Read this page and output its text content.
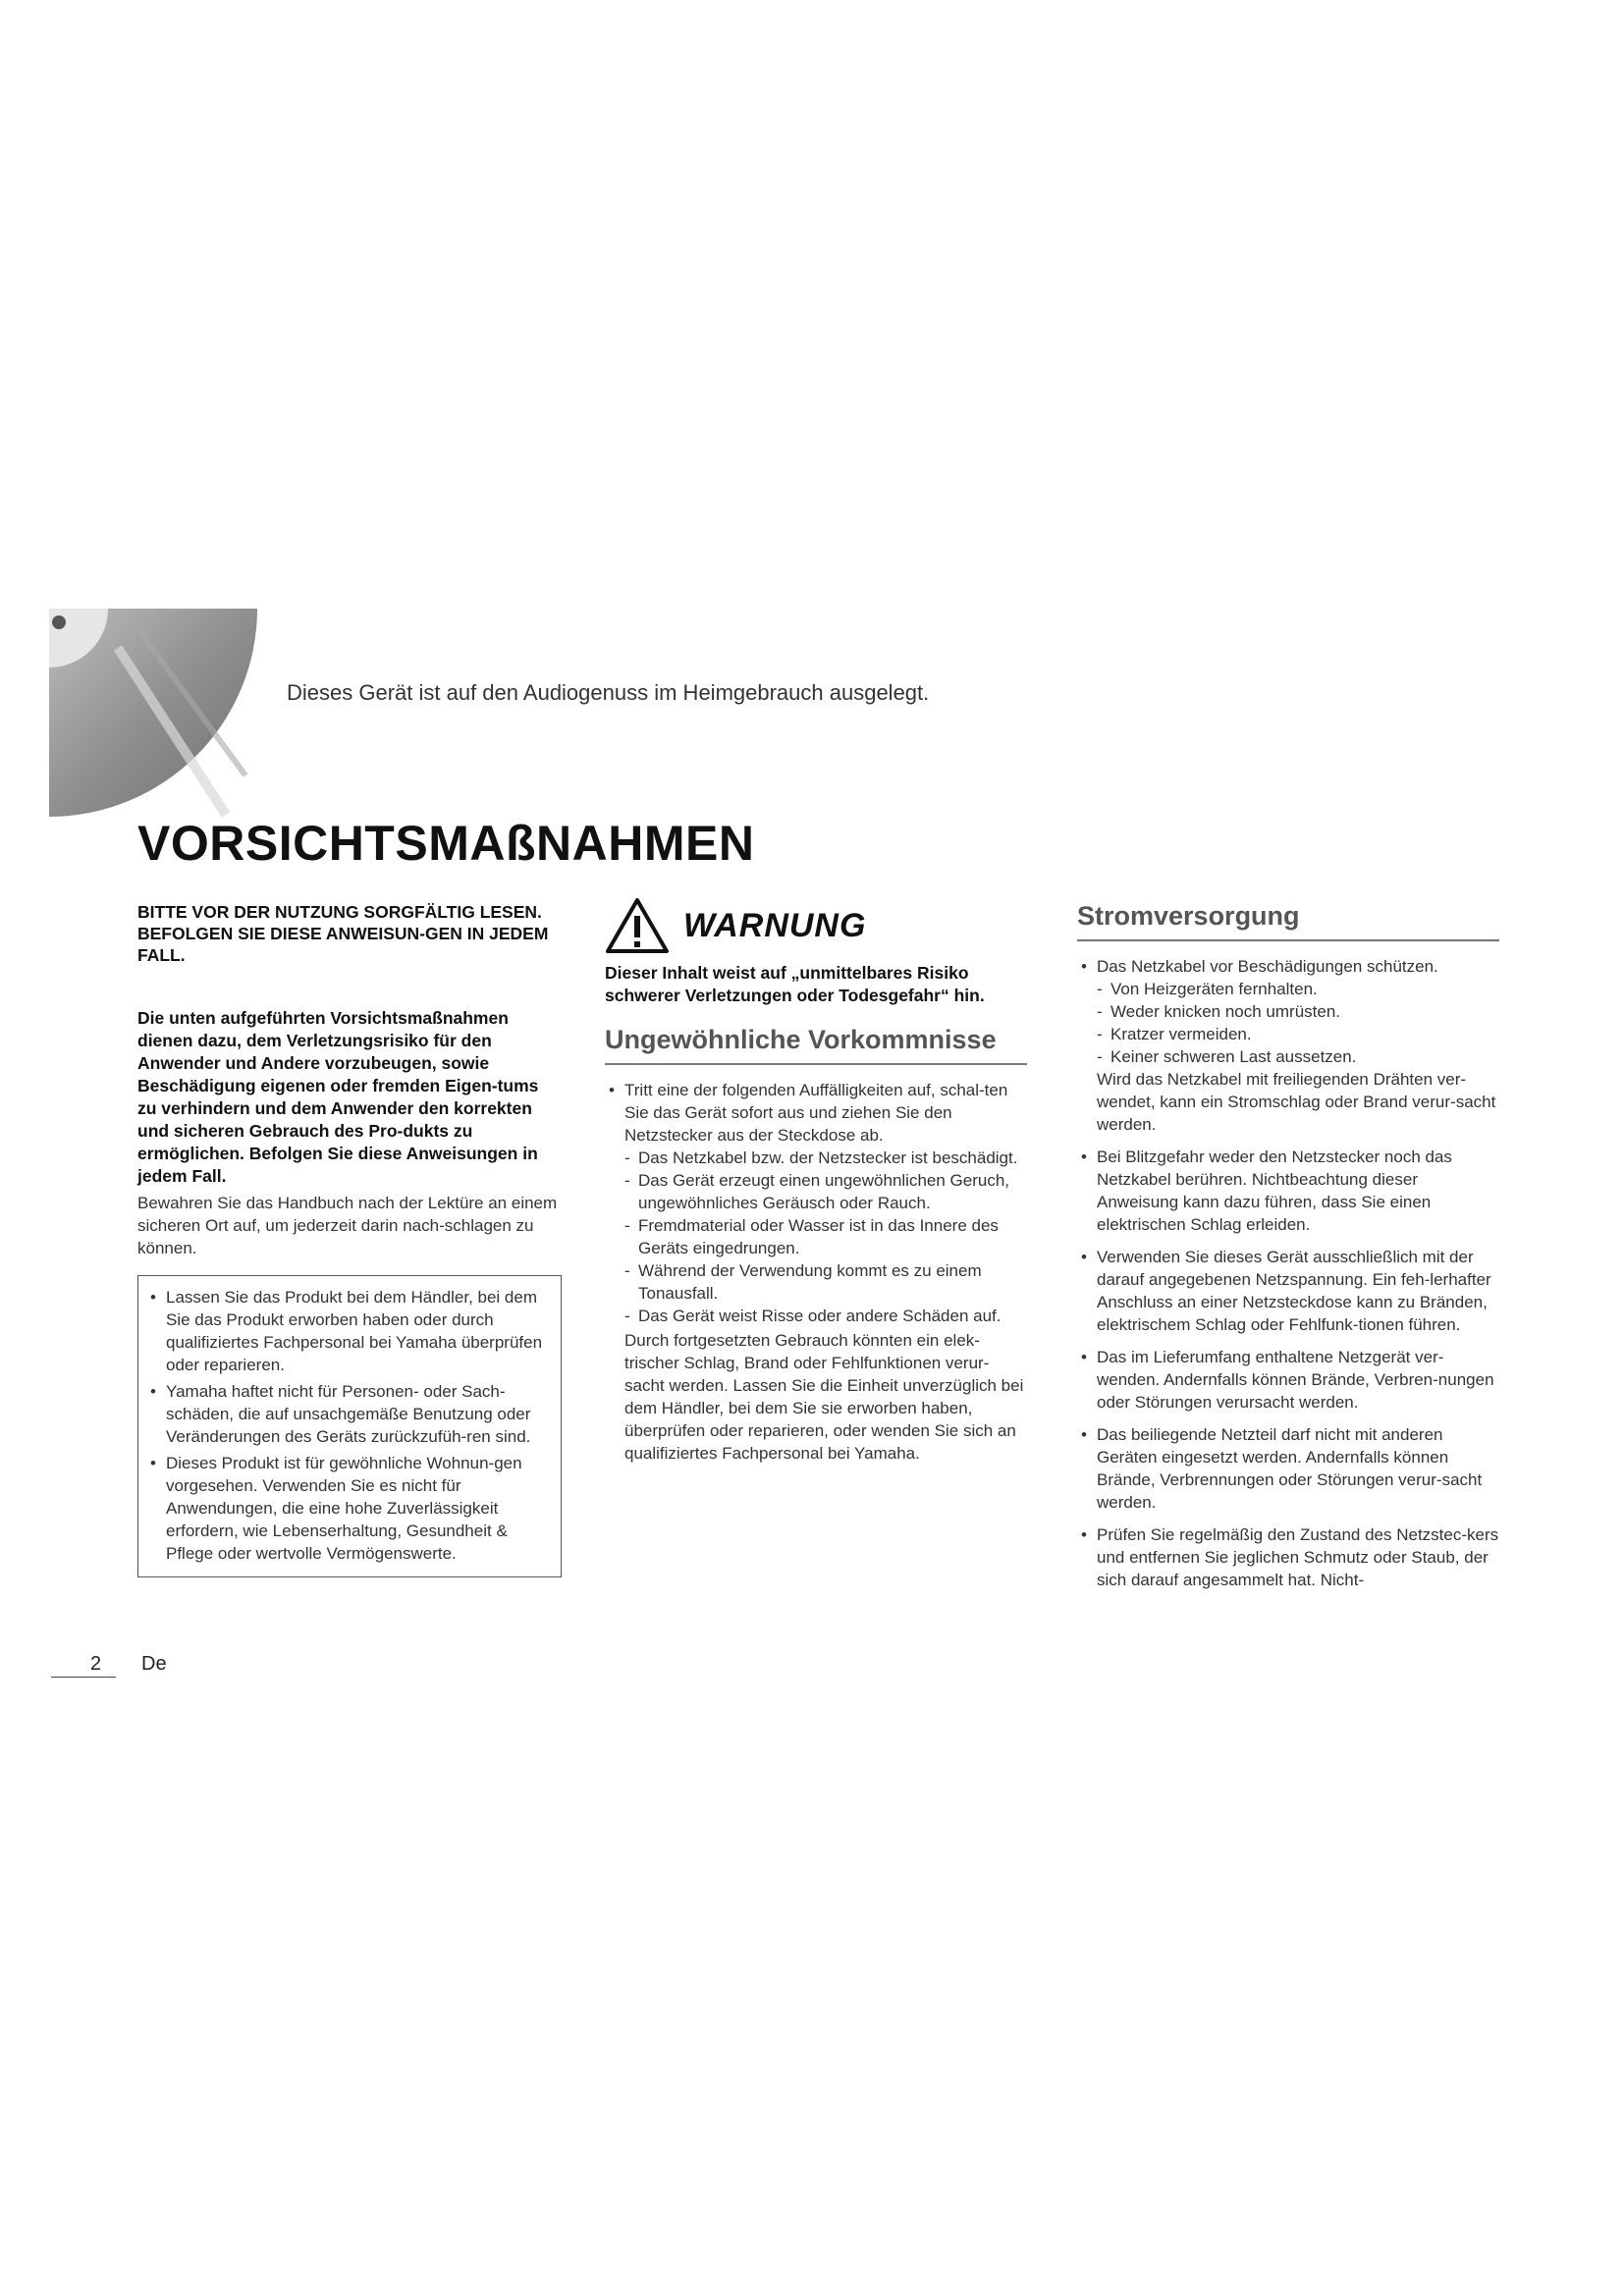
Dieses Gerät ist auf den Audiogenuss im Heimgebrauch ausgelegt.
VORSICHTSMAßNAHMEN

BITTE VOR DER NUTZUNG SORGFÄLTIG LESEN. BEFOLGEN SIE DIESE ANWEISUN-GEN IN JEDEM FALL.

Die unten aufgeführten Vorsichtsmaßnahmen dienen dazu, dem Verletzungsrisiko für den Anwender und Andere vorzubeugen, sowie Beschädigung eigenen oder fremden Eigen-tums zu verhindern und dem Anwender den korrekten und sicheren Gebrauch des Pro-dukts zu ermöglichen. Befolgen Sie diese Anweisungen in jedem Fall.

Bewahren Sie das Handbuch nach der Lektüre an einem sicheren Ort auf, um jederzeit darin nach-schlagen zu können.

• Lassen Sie das Produkt bei dem Händler, bei dem Sie das Produkt erworben haben oder durch qualifiziertes Fachpersonal bei Yamaha überprüfen oder reparieren.
• Yamaha haftet nicht für Personen- oder Sach-schäden, die auf unsachgemäße Benutzung oder Veränderungen des Geräts zurückzufüh-ren sind.
• Dieses Produkt ist für gewöhnliche Wohnun-gen vorgesehen. Verwenden Sie es nicht für Anwendungen, die eine hohe Zuverlässigkeit erfordern, wie Lebenserhaltung, Gesundheit & Pflege oder wertvolle Vermögenswerte.
WARNUNG

Dieser Inhalt weist auf „unmittelbares Risiko schwerer Verletzungen oder Todesgefahr“ hin.

Ungewöhnliche Vorkommnisse
• Tritt eine der folgenden Auffälligkeiten auf, schal-ten Sie das Gerät sofort aus und ziehen Sie den Netzstecker aus der Steckdose ab.

- Das Netzkabel bzw. der Netzstecker ist beschädigt.
- Das Gerät erzeugt einen ungewöhnlichen Geruch, ungewöhnliches Geräusch oder Rauch.
- Fremdmaterial oder Wasser ist in das Innere des Geräts eingedrungen.
- Während der Verwendung kommt es zu einem Tonausfall.
- Das Gerät weist Risse oder andere Schäden auf.

Durch fortgesetzten Gebrauch könnten ein elek-trischer Schlag, Brand oder Fehlfunktionen verur-sacht werden. Lassen Sie die Einheit unverzüglich bei dem Händler, bei dem Sie sie erworben haben, überprüfen oder reparieren, oder wenden Sie sich an qualifiziertes Fachpersonal bei Yamaha.

Stromversorgung
• Das Netzkabel vor Beschädigungen schützen.

- Von Heizgeräten fernhalten.
- Weder knicken noch umrüsten.
- Kratzer vermeiden.
- Keiner schweren Last aussetzen.

Wird das Netzkabel mit freiliegenden Drähten ver-wendet, kann ein Stromschlag oder Brand verur-sacht werden.

• Bei Blitzgefahr weder den Netzstecker noch das Netzkabel berühren. Nichtbeachtung dieser Anweisung kann dazu führen, dass Sie einen elektrischen Schlag erleiden.

• Verwenden Sie dieses Gerät ausschließlich mit der darauf angegebenen Netzspannung. Ein feh-lerhafter Anschluss an einer Netzsteckdose kann zu Bränden, elektrischem Schlag oder Fehlfunk-tionen führen.

• Das im Lieferumfang enthaltene Netzgerät ver-wenden. Andernfalls können Brände, Verbren-nungen oder Störungen verursacht werden.

• Das beiliegende Netzteil darf nicht mit anderen Geräten eingesetzt werden. Andernfalls können Brände, Verbrennungen oder Störungen verur-sacht werden.

• Prüfen Sie regelmäßig den Zustand des Netzstec-kers und entfernen Sie jeglichen Schmutz oder Staub, der sich darauf angesammelt hat. Nicht-

2 De
